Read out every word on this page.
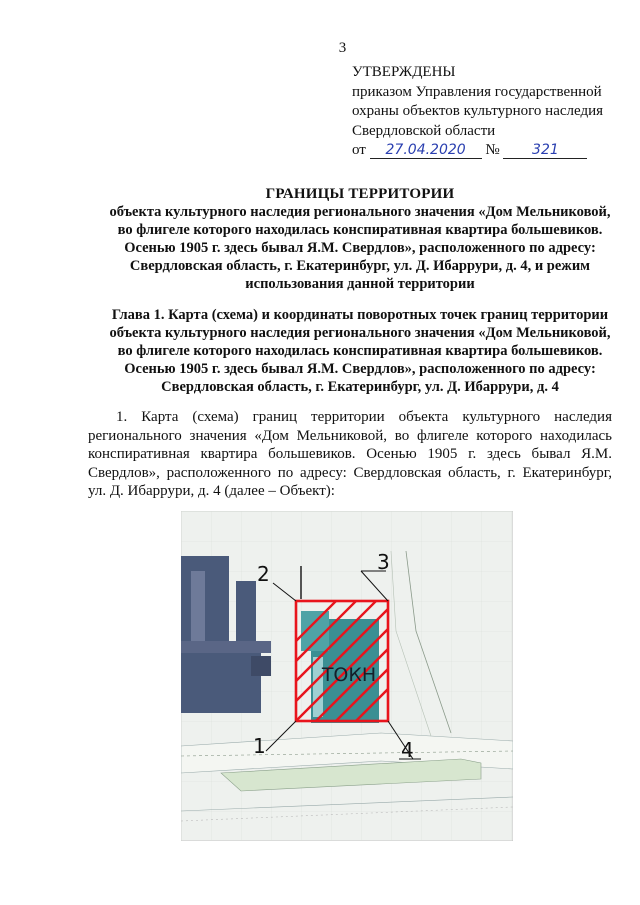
3
УТВЕРЖДЕНЫ
приказом Управления государственной
охраны объектов культурного наследия
Свердловской области
от 27.04.2020 № 321
ГРАНИЦЫ ТЕРРИТОРИИ
объекта культурного наследия регионального значения «Дом Мельниковой,
во флигеле которого находилась конспиративная квартира большевиков.
Осенью 1905 г. здесь бывал Я.М. Свердлов», расположенного по адресу:
Свердловская область, г. Екатеринбург, ул. Д. Ибаррури, д. 4, и режим
использования данной территории
Глава 1. Карта (схема) и координаты поворотных точек границ территории
объекта культурного наследия регионального значения «Дом Мельниковой,
во флигеле которого находилась конспиративная квартира большевиков.
Осенью 1905 г. здесь бывал Я.М. Свердлов», расположенного по адресу:
Свердловская область, г. Екатеринбург, ул. Д. Ибаррури, д. 4
1. Карта (схема) границ территории объекта культурного наследия регионального значения «Дом Мельниковой, во флигеле которого находилась конспиративная квартира большевиков. Осенью 1905 г. здесь бывал Я.М. Свердлов», расположенного по адресу: Свердловская область, г. Екатеринбург, ул. Д. Ибаррури, д. 4 (далее – Объект):
ТОКН
1
2	3
4
